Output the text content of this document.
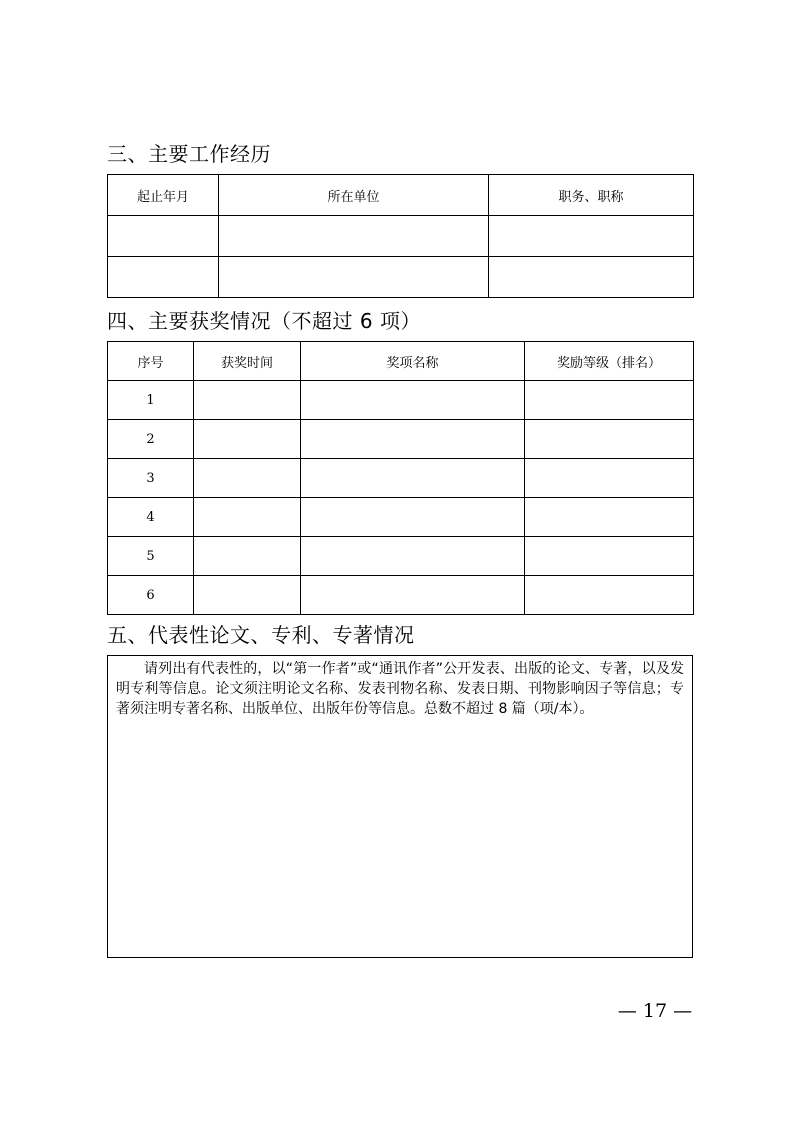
三、主要工作经历
起止年月	所在单位	职务、职称

四、主要获奖情况（不超过 6 项）
序号	获奖时间	奖项名称	奖励等级（排名）
1			
2			
3			
4			
5			
6			
五、代表性论文、专利、专著情况

请列出有代表性的，以“第一作者”或“通讯作者”公开发表、出版的论文、专著，以及发明专利等信息。论文须注明论文名称、发表刊物名称、发表日期、刊物影响因子等信息；专著须注明专著名称、出版单位、出版年份等信息。总数不超过 8 篇（项/本）。

— 17 —
